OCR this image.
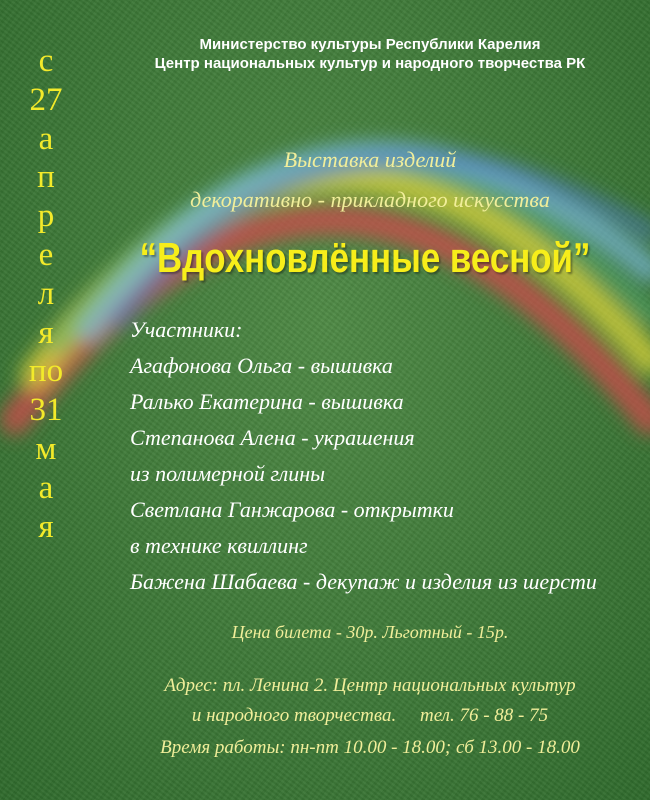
Министерство культуры Республики Карелия
Центр национальных культур и народного творчества РК
с
27
а
п
р
е
л
я
по
31
м
а
я
Выставка изделий
декоративно - прикладного искусства
“Вдохновлённые весной”
Участники:
Агафонова Ольга - вышивка
Ралько Екатерина - вышивка
Степанова Алена - украшения
из полимерной глины
Светлана Ганжарова - открытки
в технике квиллинг
Бажена Шабаева - декупаж и изделия из шерсти
Цена билета - 30р. Льготный - 15р.
Адрес: пл. Ленина 2. Центр национальных культур
и народного творчества.     тел. 76 - 88 - 75
Время работы: пн-пт 10.00 - 18.00; сб 13.00 - 18.00
